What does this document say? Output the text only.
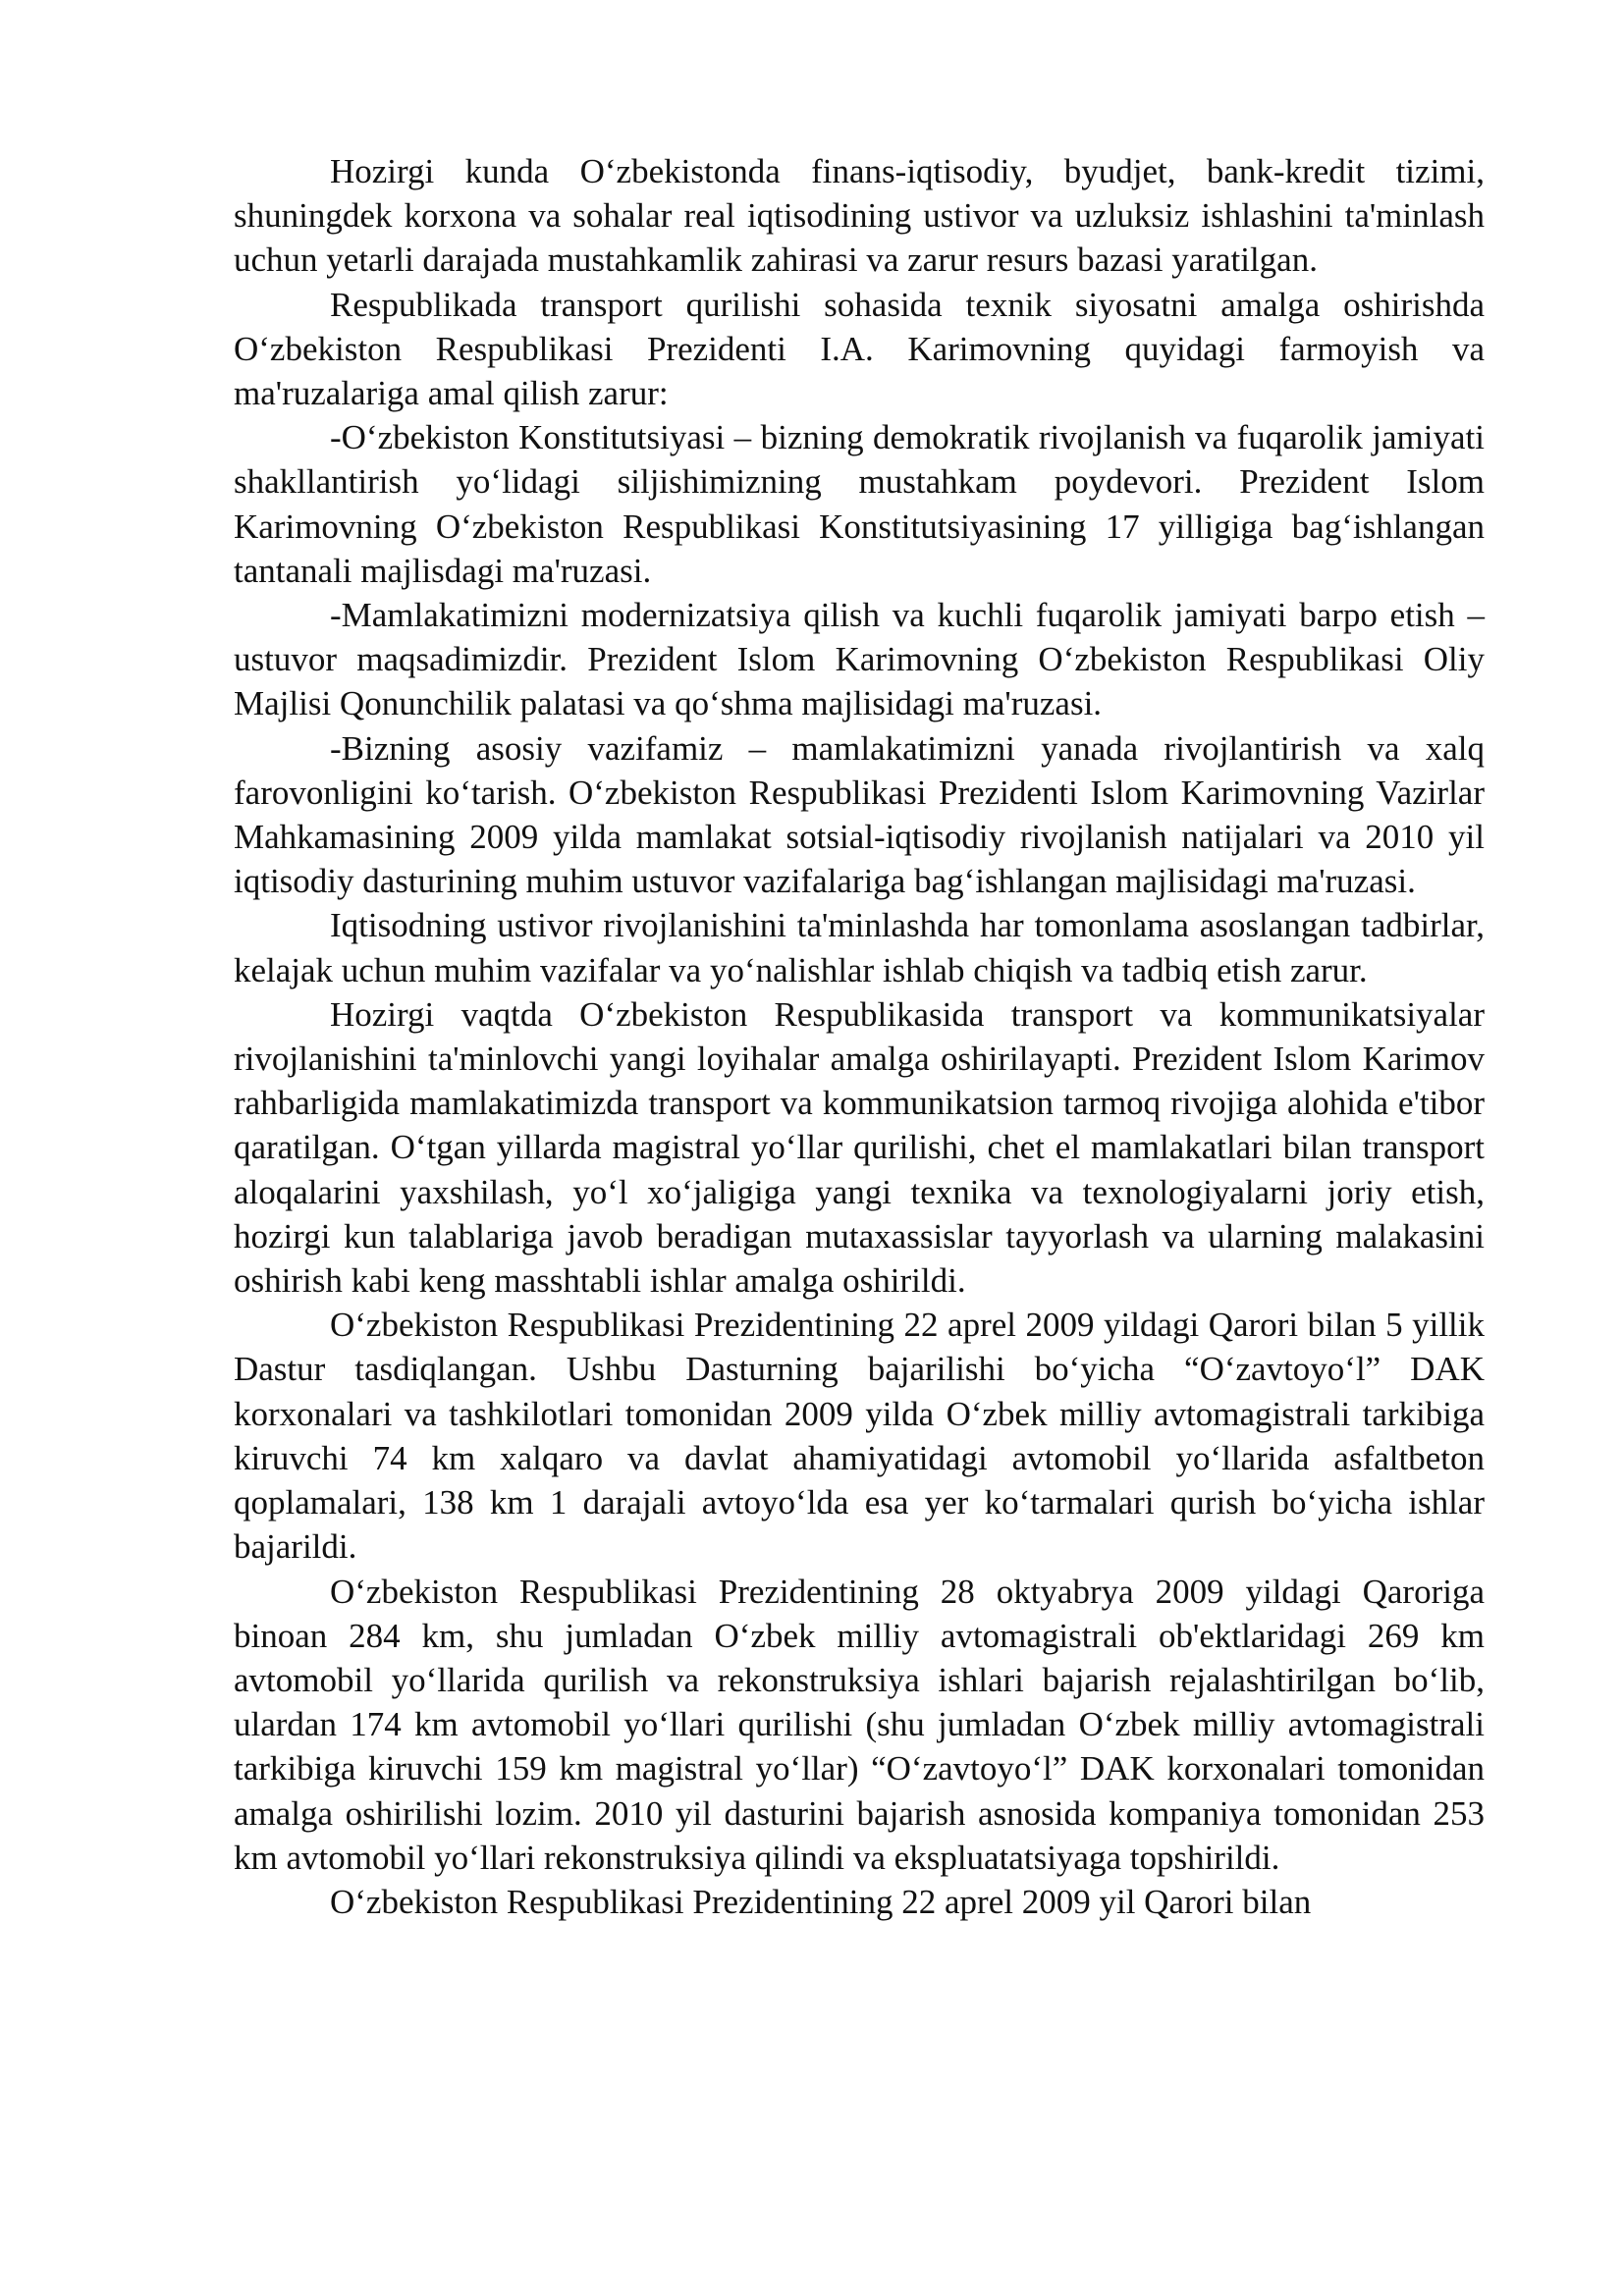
Hozirgi kunda O‘zbekistonda finans-iqtisodiy, byudjet, bank-kredit tizimi, shuningdek korxona va sohalar real iqtisodining ustivor va uzluksiz ishlashini ta'minlash uchun yetarli darajada mustahkamlik zahirasi va zarur resurs bazasi yaratilgan.

Respublikada transport qurilishi sohasida texnik siyosatni amalga oshirishda O‘zbekiston Respublikasi Prezidenti I.A. Karimovning quyidagi farmoyish va ma'ruzalariga amal qilish zarur:

-O‘zbekiston Konstitutsiyasi – bizning demokratik rivojlanish va fuqarolik jamiyati shakllantirish yo‘lidagi siljishimizning mustahkam poydevori. Prezident Islom Karimovning O‘zbekiston Respublikasi Konstitutsiyasining 17 yilligiga bag‘ishlangan tantanali majlisdagi ma'ruzasi.

-Mamlakatimizni modernizatsiya qilish va kuchli fuqarolik jamiyati barpo etish – ustuvor maqsadimizdir. Prezident Islom Karimovning O‘zbekiston Respublikasi Oliy Majlisi Qonunchilik palatasi va qo‘shma majlisidagi ma'ruzasi.

-Bizning asosiy vazifamiz – mamlakatimizni yanada rivojlantirish va xalq farovonligini ko‘tarish. O‘zbekiston Respublikasi Prezidenti Islom Karimovning Vazirlar Mahkamasining 2009 yilda mamlakat sotsial-iqtisodiy rivojlanish natijalari va 2010 yil iqtisodiy dasturining muhim ustuvor vazifalariga bag‘ishlangan majlisidagi ma'ruzasi.

Iqtisodning ustivor rivojlanishini ta'minlashda har tomonlama asoslangan tadbirlar, kelajak uchun muhim vazifalar va yo‘nalishlar ishlab chiqish va tadbiq etish zarur.

Hozirgi vaqtda O‘zbekiston Respublikasida transport va kommunikatsiyalar rivojlanishini ta'minlovchi yangi loyihalar amalga oshirilayapti. Prezident Islom Karimov rahbarligida mamlakatimizda transport va kommunikatsion tarmoq rivojiga alohida e'tibor qaratilgan. O‘tgan yillarda magistral yo‘llar qurilishi, chet el mamlakatlari bilan transport aloqalarini yaxshilash, yo‘l xo‘jaligiga yangi texnika va texnologiyalarni joriy etish, hozirgi kun talablariga javob beradigan mutaxassislar tayyorlash va ularning malakasini oshirish kabi keng masshtabli ishlar amalga oshirildi.

O‘zbekiston Respublikasi Prezidentining 22 aprel 2009 yildagi Qarori bilan 5 yillik Dastur tasdiqlangan. Ushbu Dasturning bajarilishi bo‘yicha “O‘zavtoyo‘l” DAK korxonalari va tashkilotlari tomonidan 2009 yilda O‘zbek milliy avtomagistrali tarkibiga kiruvchi 74 km xalqaro va davlat ahamiyatidagi avtomobil yo‘llarida asfaltbeton qoplamalari, 138 km 1 darajali avtoyo‘lda esa yer ko‘tarmalari qurish bo‘yicha ishlar bajarildi.

O‘zbekiston Respublikasi Prezidentining 28 oktyabrya 2009 yildagi Qaroriga binoan 284 km, shu jumladan O‘zbek milliy avtomagistrali ob'ektlaridagi 269 km avtomobil yo‘llarida qurilish va rekonstruksiya ishlari bajarish rejalashtirilgan bo‘lib, ulardan 174 km avtomobil yo‘llari qurilishi (shu jumladan O‘zbek milliy avtomagistrali tarkibiga kiruvchi 159 km magistral yo‘llar) “O‘zavtoyo‘l” DAK korxonalari tomonidan amalga oshirilishi lozim. 2010 yil dasturini bajarish asnosida kompaniya tomonidan 253 km avtomobil yo‘llari rekonstruksiya qilindi va ekspluatatsiyaga topshirildi.

O‘zbekiston Respublikasi Prezidentining 22 aprel 2009 yil Qarori bilan
